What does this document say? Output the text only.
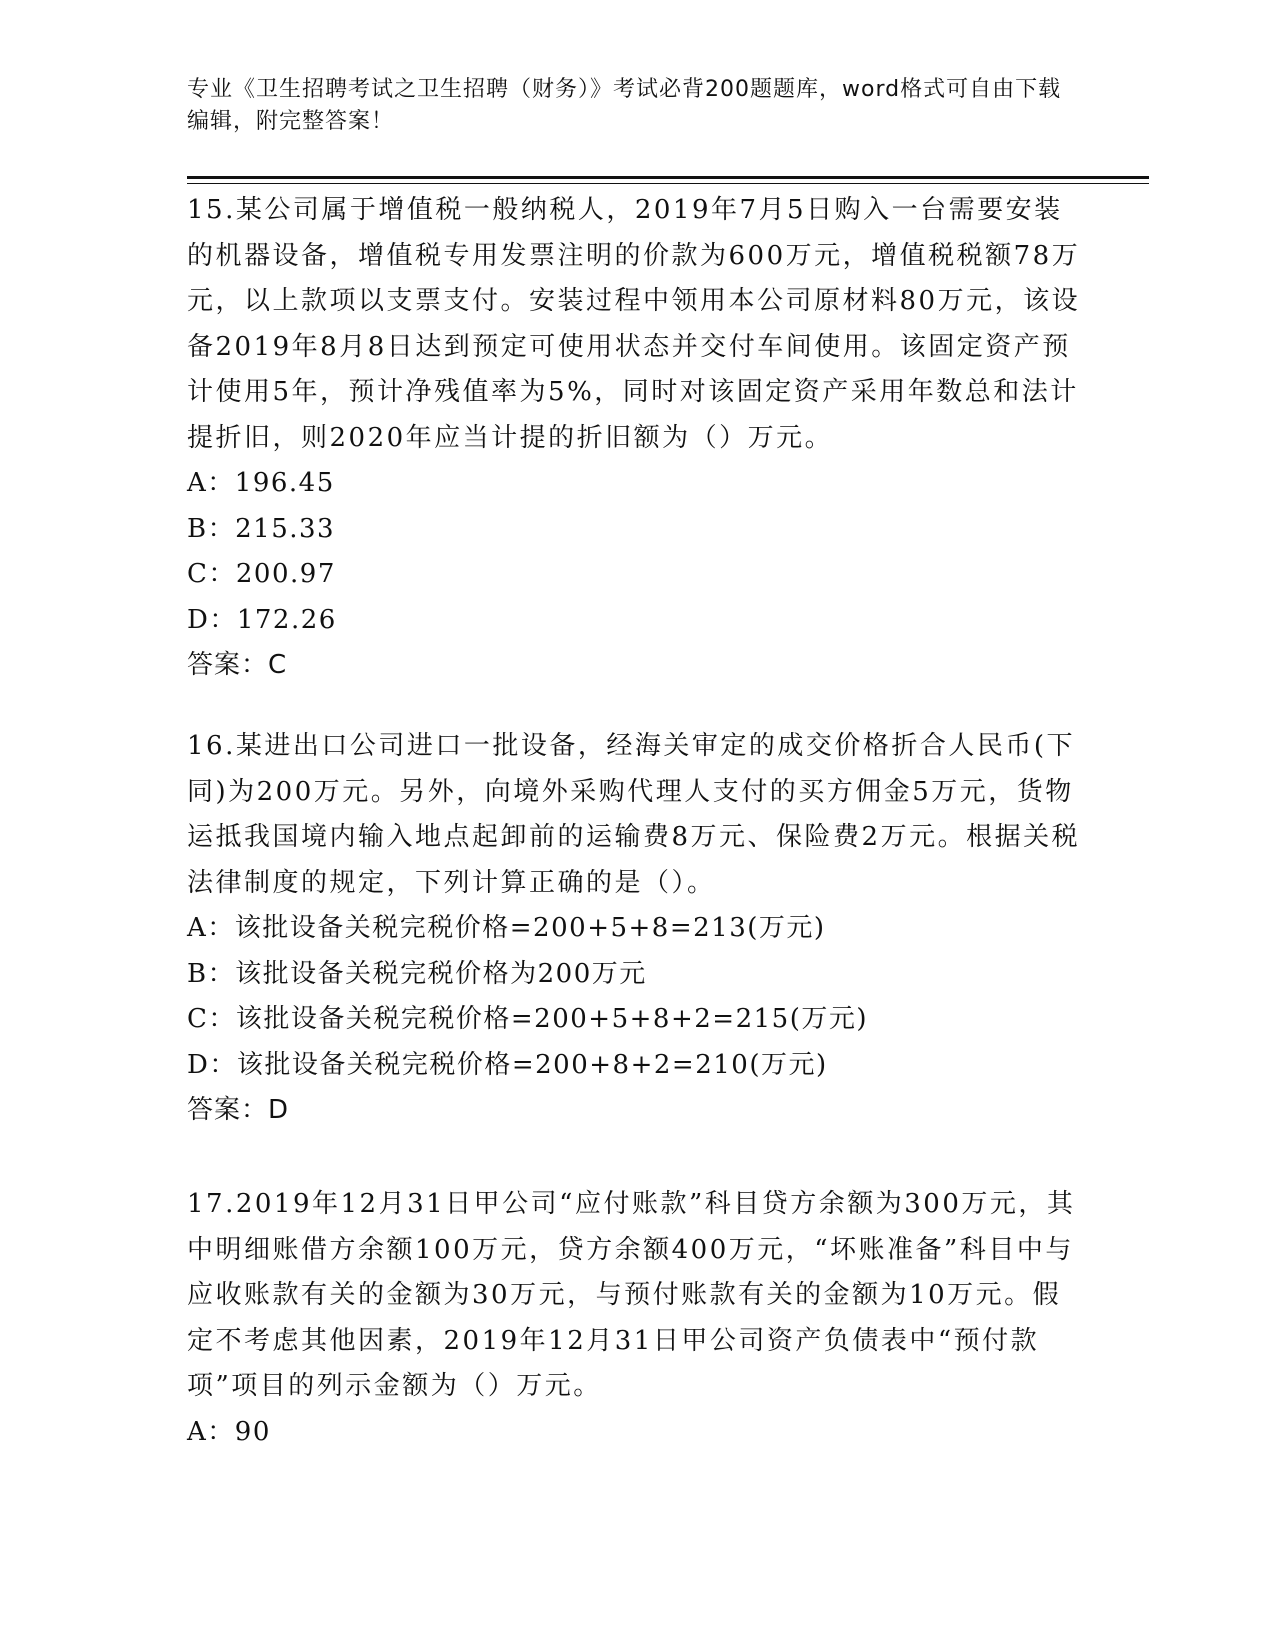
专业《卫生招聘考试之卫生招聘（财务）》考试必背200题题库，word格式可自由下载编辑，附完整答案！
15.某公司属于增值税一般纳税人，2019年7月5日购入一台需要安装的机器设备，增值税专用发票注明的价款为600万元，增值税税额78万元，以上款项以支票支付。安装过程中领用本公司原材料80万元，该设备2019年8月8日达到预定可使用状态并交付车间使用。该固定资产预计使用5年，预计净残值率为5%，同时对该固定资产采用年数总和法计提折旧，则2020年应当计提的折旧额为（）万元。
A：196.45
B：215.33
C：200.97
D：172.26
答案：C
16.某进出口公司进口一批设备，经海关审定的成交价格折合人民币(下同)为200万元。另外，向境外采购代理人支付的买方佣金5万元，货物运抵我国境内输入地点起卸前的运输费8万元、保险费2万元。根据关税法律制度的规定，下列计算正确的是（）。
A：该批设备关税完税价格=200+5+8=213(万元)
B：该批设备关税完税价格为200万元
C：该批设备关税完税价格=200+5+8+2=215(万元)
D：该批设备关税完税价格=200+8+2=210(万元)
答案：D
17.2019年12月31日甲公司“应付账款”科目贷方余额为300万元，其中明细账借方余额100万元，贷方余额400万元，“坏账准备”科目中与应收账款有关的金额为30万元，与预付账款有关的金额为10万元。假定不考虑其他因素，2019年12月31日甲公司资产负债表中“预付款项”项目的列示金额为（）万元。
A：90
